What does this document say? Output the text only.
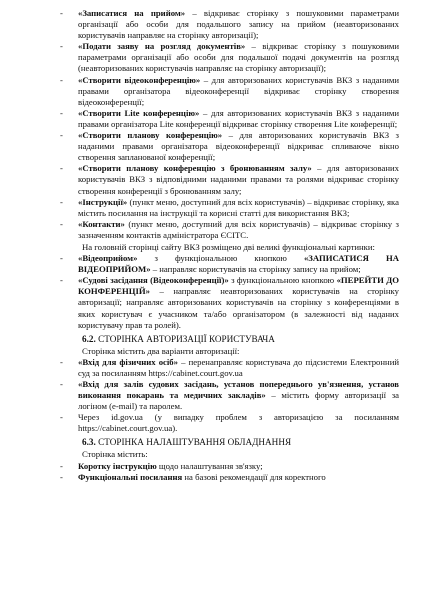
- «Записатися на прийом» – відкриває сторінку з пошуковими параметрами організації або особи для подальшого запису на прийом (неавторизованих користувачів направляє на сторінку авторизації);

- «Подати заяву на розгляд документів» – відкриває сторінку з пошуковими параметрами організації або особи для подальшої подачі документів на розгляд (неавторизованих користувачів направляє на сторінку авторизації);

- «Створити відеоконференцію» – для авторизованих користувачів ВКЗ з наданими правами організатора відеоконференції відкриває сторінку створення відеоконференції;

- «Створити Lite конференцію» – для авторизованих користувачів ВКЗ з наданими правами організатора Lite конференції відкриває сторінку створення Lite конференції;

- «Створити планову конференцію» – для авторизованих користувачів ВКЗ з наданими правами організатора відеоконференції відкриває спливаюче вікно створення запланованої конференції;

- «Створити планову конференцію з бронюванням залу» – для авторизованих користувачів ВКЗ з відповідними наданими правами та ролями відкриває сторінку створення конференції з бронюванням залу;

- «Інструкції» (пункт меню, доступний для всіх користувачів) – відкриває сторінку, яка містить посилання на інструкції та корисні статті для використання ВКЗ;

- «Контакти» (пункт меню, доступний для всіх користувачів) – відкриває сторінку з зазначенням контактів адміністратора ЄСІТС.

На головній сторінці сайту ВКЗ розміщено дві великі функціональні картинки:

- «Відеоприйом» з функціональною кнопкою «ЗАПИСАТИСЯ НА ВІДЕОПРИЙОМ» – направляє користувачів на сторінку запису на прийом;

- «Судові засідання (Відеоконференції)» з функціональною кнопкою «ПЕРЕЙТИ ДО КОНФЕРЕНЦІЙ» – направляє неавторизованих користувачів на сторінку авторизації; направляє авторизованих користувачів на сторінку з конференціями в яких користувач є учасником та/або організатором (в залежності від наданих користувачу прав та ролей).

6.2. СТОРІНКА АВТОРИЗАЦІЇ КОРИСТУВАЧА

Сторінка містить два варіанти авторизації:

- «Вхід для фізичних осіб» – перенаправляє користувача до підсистеми Електронний суд за посиланням https://cabinet.court.gov.ua

- «Вхід для залів судових засідань, установ попереднього ув'язнення, установ виконання покарань та медичних закладів» – містить форму авторизації за логіном (e-mail) та паролем.

- Через id.gov.ua (у випадку проблем з авторизацією за посиланням https://cabinet.court.gov.ua).

6.3. СТОРІНКА НАЛАШТУВАННЯ ОБЛАДНАННЯ

Сторінка містить:

- Коротку інструкцію щодо налаштування зв'язку;

- Функціональні посилання на базові рекомендації для коректного
